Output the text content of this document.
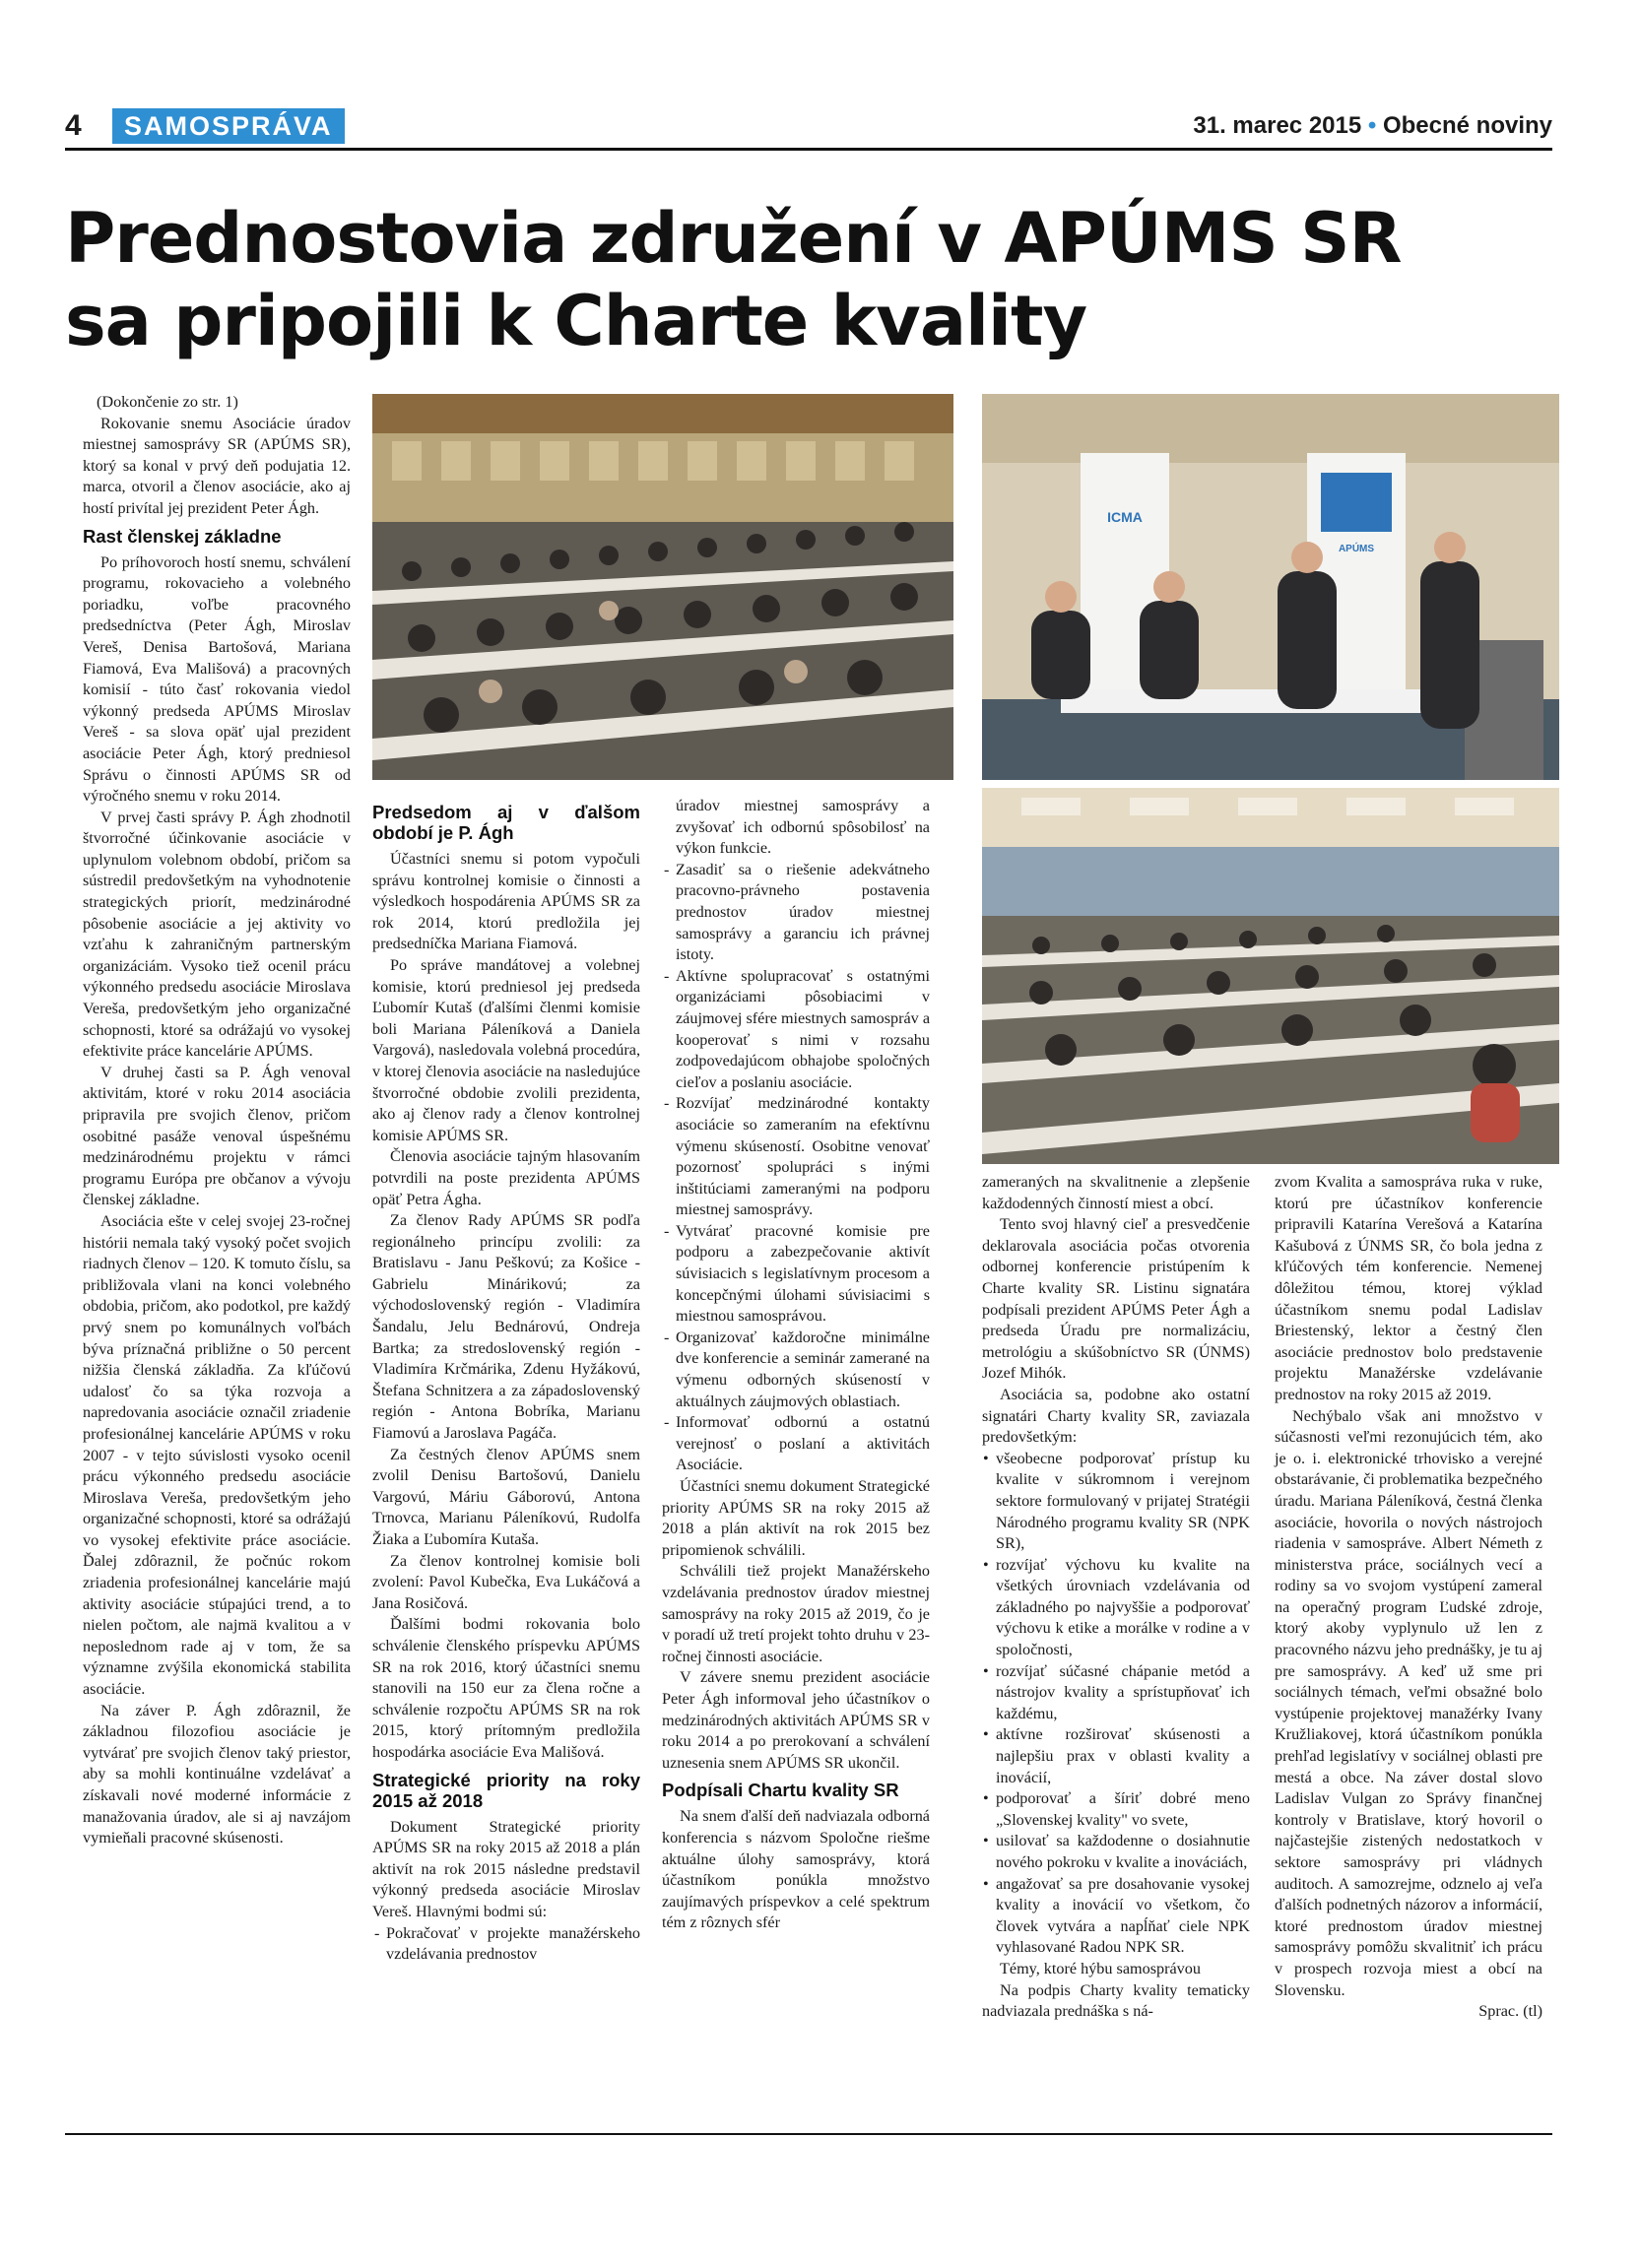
4	SAMOSPRÁVA	31. marec 2015 • Obecné noviny
Prednostovia združení v APÚMS SR
sa pripojili k Charte kvality

(Dokončenie zo str. 1)

Rokovanie snemu Asociácie úradov miestnej samosprávy SR (APÚMS SR), ktorý sa konal v prvý deň podujatia 12. marca, otvoril a členov asociácie, ako aj hostí privítal jej prezident Peter Ágh.

Rast členskej základne

Po príhovoroch hostí snemu, schválení programu, rokovacieho a volebného poriadku, voľbe pracovného predsedníctva (Peter Ágh, Miroslav Vereš, Denisa Bartošová, Mariana Fiamová, Eva Mališová) a pracovných komisií - túto časť rokovania viedol výkonný predseda APÚMS Miroslav Vereš - sa slova opäť ujal prezident asociácie Peter Ágh, ktorý predniesol Správu o činnosti APÚMS SR od výročného snemu v roku 2014.

V prvej časti správy P. Ágh zhodnotil štvorročné účinkovanie asociácie v uplynulom volebnom období, pričom sa sústredil predovšetkým na vyhodnotenie strategických priorít, medzinárodné pôsobenie asociácie a jej aktivity vo vzťahu k zahraničným partnerským organizáciám. Vysoko tiež ocenil prácu výkonného predsedu asociácie Miroslava Vereša, predovšetkým jeho organizačné schopnosti, ktoré sa odrážajú vo vysokej efektivite práce kancelárie APÚMS.

V druhej časti sa P. Ágh venoval aktivitám, ktoré v roku 2014 asociácia pripravila pre svojich členov, pričom osobitné pasáže venoval úspešnému medzinárodnému projektu v rámci programu Európa pre občanov a vývoju členskej základne.

Asociácia ešte v celej svojej 23-ročnej histórii nemala taký vysoký počet svojich riadnych členov – 120. K tomuto číslu, sa približovala vlani na konci volebného obdobia, pričom, ako podotkol, pre každý prvý snem po komunálnych voľbách býva príznačná približne o 50 percent nižšia členská základňa. Za kľúčovú udalosť čo sa týka rozvoja a napredovania asociácie označil zriadenie profesionálnej kancelárie APÚMS v roku 2007 - v tejto súvislosti vysoko ocenil prácu výkonného predsedu asociácie Miroslava Vereša, predovšetkým jeho organizačné schopnosti, ktoré sa odrážajú vo vysokej efektivite práce asociácie. Ďalej zdôraznil, že počnúc rokom zriadenia profesionálnej kancelárie majú aktivity asociácie stúpajúci trend, a to nielen počtom, ale najmä kvalitou a v neposlednom rade aj v tom, že sa významne zvýšila ekonomická stabilita asociácie.

Na záver P. Ágh zdôraznil, že základnou filozofiou asociácie je vytvárať pre svojich členov taký priestor, aby sa mohli kontinuálne vzdelávať a získavali nové moderné informácie z manažovania úradov, ale si aj navzájom vymieňali pracovné skúsenosti.

ICMA
APÚMS
Predsedom aj v ďalšom období je P. Ágh

Účastníci snemu si potom vypočuli správu kontrolnej komisie o činnosti a výsledkoch hospodárenia APÚMS SR za rok 2014, ktorú predložila jej predsedníčka Mariana Fiamová.

Po správe mandátovej a volebnej komisie, ktorú predniesol jej predseda Ľubomír Kutaš (ďalšími členmi komisie boli Mariana Páleníková a Daniela Vargová), nasledovala volebná procedúra, v ktorej členovia asociácie na nasledujúce štvorročné obdobie zvolili prezidenta, ako aj členov rady a členov kontrolnej komisie APÚMS SR.

Členovia asociácie tajným hlasovaním potvrdili na poste prezidenta APÚMS opäť Petra Ágha.

Za členov Rady APÚMS SR podľa regionálneho princípu zvolili: za Bratislavu - Janu Peškovú; za Košice - Gabrielu Minárikovú; za východoslovenský región - Vladimíra Šandalu, Jelu Bednárovú, Ondreja Bartka; za stredoslovenský región - Vladimíra Krčmárika, Zdenu Hyžákovú, Štefana Schnitzera a za západoslovenský región - Antona Bobríka, Marianu Fiamovú a Jaroslava Pagáča.

Za čestných členov APÚMS snem zvolil Denisu Bartošovú, Danielu Vargovú, Máriu Gáborovú, Antona Trnovca, Marianu Páleníkovú, Rudolfa Žiaka a Ľubomíra Kutaša.

Za členov kontrolnej komisie boli zvolení: Pavol Kubečka, Eva Lukáčová a Jana Rosičová.

Ďalšími bodmi rokovania bolo schválenie členského príspevku APÚMS SR na rok 2016, ktorý účastníci snemu stanovili na 150 eur za člena ročne a schválenie rozpočtu APÚMS SR na rok 2015, ktorý prítomným predložila hospodárka asociácie Eva Mališová.

Strategické priority na roky 2015 až 2018

Dokument Strategické priority APÚMS SR na roky 2015 až 2018 a plán aktivít na rok 2015 následne predstavil výkonný predseda asociácie Miroslav Vereš. Hlavnými bodmi sú:

- Pokračovať v projekte manažérskeho vzdelávania prednostov

úradov miestnej samosprávy a zvyšovať ich odbornú spôsobilosť na výkon funkcie.

- Zasadiť sa o riešenie adekvátneho pracovno-právneho postavenia prednostov úradov miestnej samosprávy a garanciu ich právnej istoty.
- Aktívne spolupracovať s ostatnými organizáciami pôsobiacimi v záujmovej sfére miestnych samospráv a kooperovať s nimi v rozsahu zodpovedajúcom obhajobe spoločných cieľov a poslaniu asociácie.
- Rozvíjať medzinárodné kontakty asociácie so zameraním na efektívnu výmenu skúseností. Osobitne venovať pozornosť spolupráci s inými inštitúciami zameranými na podporu miestnej samosprávy.
- Vytvárať pracovné komisie pre podporu a zabezpečovanie aktivít súvisiacich s legislatívnym procesom a koncepčnými úlohami súvisiacimi s miestnou samosprávou.
- Organizovať každoročne minimálne dve konferencie a seminár zamerané na výmenu odborných skúseností v aktuálnych záujmových oblastiach.
- Informovať odbornú a ostatnú verejnosť o poslaní a aktivitách Asociácie.

Účastníci snemu dokument Strategické priority APÚMS SR na roky 2015 až 2018 a plán aktivít na rok 2015 bez pripomienok schválili.

Schválili tiež projekt Manažérskeho vzdelávania prednostov úradov miestnej samosprávy na roky 2015 až 2019, čo je v poradí už tretí projekt tohto druhu v 23-ročnej činnosti asociácie.

V závere snemu prezident asociácie Peter Ágh informoval jeho účastníkov o medzinárodných aktivitách APÚMS SR v roku 2014 a po prerokovaní a schválení uznesenia snem APÚMS SR ukončil.

Podpísali Chartu kvality SR

Na snem ďalší deň nadviazala odborná konferencia s názvom Spoločne riešme aktuálne úlohy samosprávy, ktorá účastníkom ponúkla množstvo zaujímavých príspevkov a celé spektrum tém z rôznych sfér

zameraných na skvalitnenie a zlepšenie každodenných činností miest a obcí.

Tento svoj hlavný cieľ a presvedčenie deklarovala asociácia počas otvorenia odbornej konferencie pristúpením k Charte kvality SR. Listinu signatára podpísali prezident APÚMS Peter Ágh a predseda Úradu pre normalizáciu, metrológiu a skúšobníctvo SR (ÚNMS) Jozef Mihók.

Asociácia sa, podobne ako ostatní signatári Charty kvality SR, zaviazala predovšetkým:

• všeobecne podporovať prístup ku kvalite v súkromnom i verejnom sektore formulovaný v prijatej Stratégii Národného programu kvality SR (NPK SR),
• rozvíjať výchovu ku kvalite na všetkých úrovniach vzdelávania od základného po najvyššie a podporovať výchovu k etike a morálke v rodine a v spoločnosti,
• rozvíjať súčasné chápanie metód a nástrojov kvality a sprístupňovať ich každému,
• aktívne rozširovať skúsenosti a najlepšiu prax v oblasti kvality a inovácií,
• podporovať a šíriť dobré meno „Slovenskej kvality" vo svete,
• usilovať sa každodenne o dosiahnutie nového pokroku v kvalite a inováciách,
• angažovať sa pre dosahovanie vysokej kvality a inovácií vo všetkom, čo človek vytvára a napĺňať ciele NPK vyhlasované Radou NPK SR.

Témy, ktoré hýbu samosprávou

Na podpis Charty kvality tematicky nadviazala prednáška s ná-

zvom Kvalita a samospráva ruka v ruke, ktorú pre účastníkov konferencie pripravili Katarína Verešová a Katarína Kašubová z ÚNMS SR, čo bola jedna z kľúčových tém konferencie. Nemenej dôležitou témou, ktorej výklad účastníkom snemu podal Ladislav Briestenský, lektor a čestný člen asociácie prednostov bolo predstavenie projektu Manažérske vzdelávanie prednostov na roky 2015 až 2019.

Nechýbalo však ani množstvo v súčasnosti veľmi rezonujúcich tém, ako je o. i. elektronické trhovisko a verejné obstarávanie, či problematika bezpečného úradu. Mariana Páleníková, čestná členka asociácie, hovorila o nových nástrojoch riadenia v samospráve. Albert Németh z ministerstva práce, sociálnych vecí a rodiny sa vo svojom vystúpení zameral na operačný program Ľudské zdroje, ktorý akoby vyplynulo už len z pracovného názvu jeho prednášky, je tu aj pre samosprávy. A keď už sme pri sociálnych témach, veľmi obsažné bolo vystúpenie projektovej manažérky Ivany Kružliakovej, ktorá účastníkom ponúkla prehľad legislatívy v sociálnej oblasti pre mestá a obce. Na záver dostal slovo Ladislav Vulgan zo Správy finančnej kontroly v Bratislave, ktorý hovoril o najčastejšie zistených nedostatkoch v sektore samosprávy pri vládnych auditoch. A samozrejme, odznelo aj veľa ďalších podnetných názorov a informácií, ktoré prednostom úradov miestnej samosprávy pomôžu skvalitniť ich prácu v prospech rozvoja miest a obcí na Slovensku.

Sprac. (tl)
